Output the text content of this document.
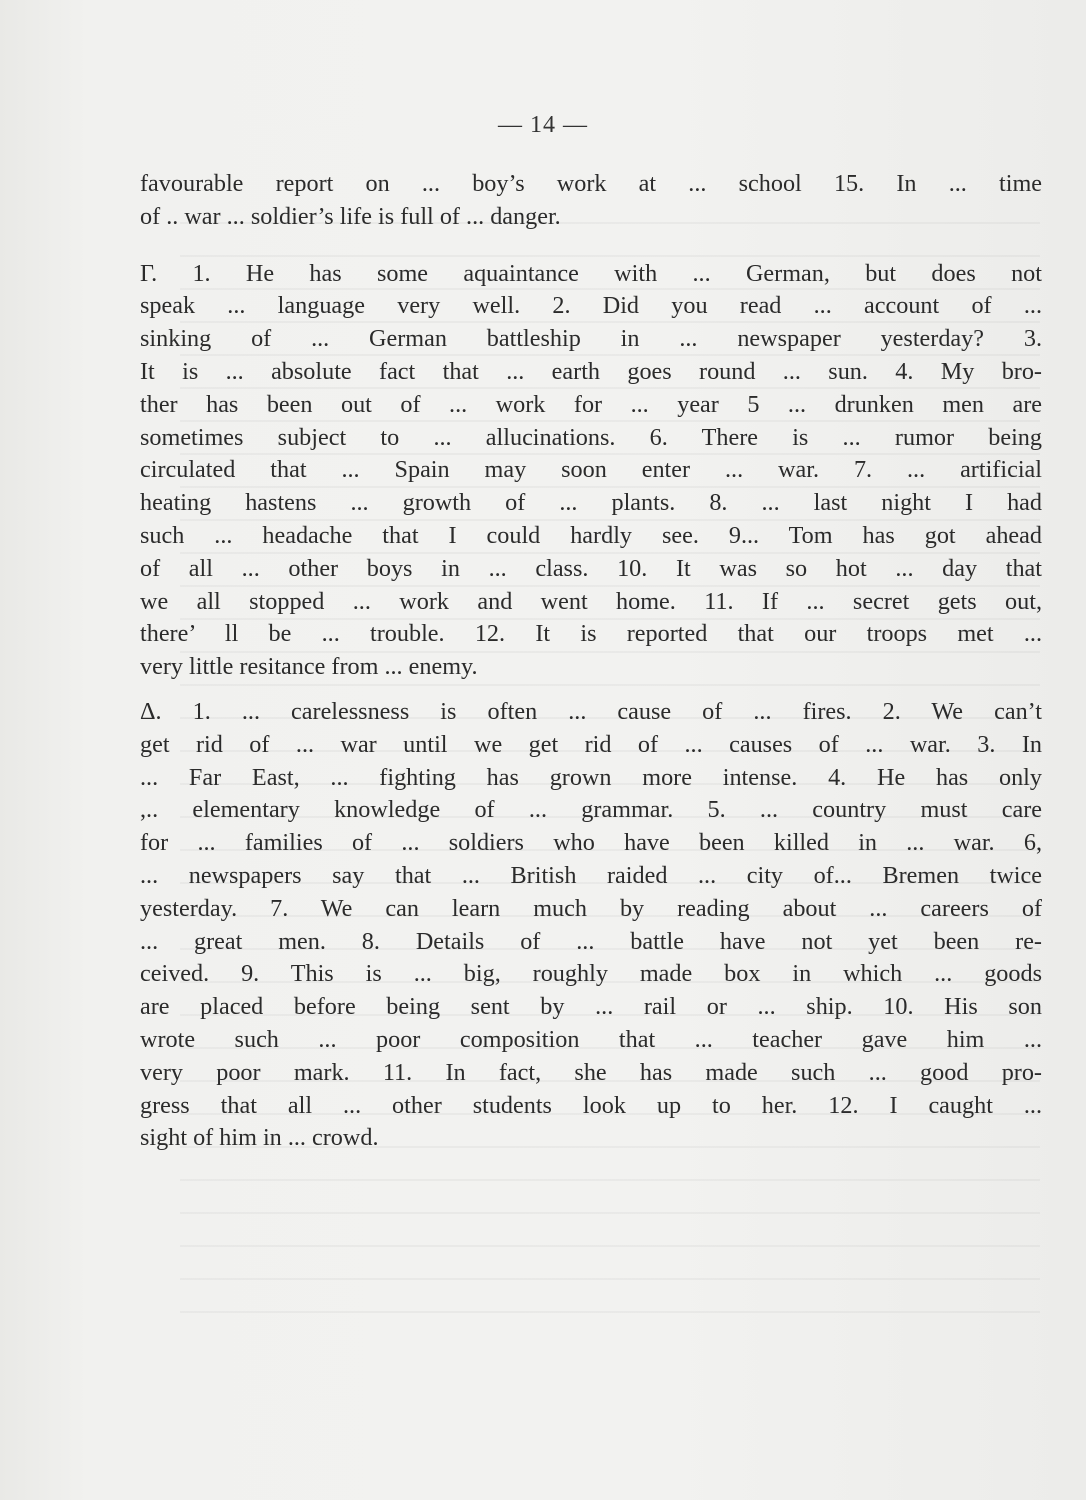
— 14 —
favourable report on ... boy’s work at ... school 15. In ... time
of .. war ... soldier’s life is full of ... danger.
Γ. 1. He has some aquaintance with ... German, but does not
speak ... language very well. 2. Did you read ... account of ...
sinking of ... German battleship in ... newspaper yesterday? 3.
It is ... absolute fact that ... earth goes round ... sun. 4. My bro-
ther has been out of ... work for ... year 5 ... drunken men are
sometimes subject to ... allucinations. 6. There is ... rumor being
circulated that ... Spain may soon enter ... war. 7. ... artificial
heating hastens ... growth of ... plants. 8. ... last night I had
such ... headache that I could hardly see. 9... Tom has got ahead
of all ... other boys in ... class. 10. It was so hot ... day that
we all stopped ... work and went home. 11. If ... secret gets out,
there’ ll be ... trouble. 12. It is reported that our troops met ...
very little resitance from ... enemy.
Δ. 1. ... carelessness is often ... cause of ... fires. 2. We can’t
get rid of ... war until we get rid of ... causes of ... war. 3. In
... Far East, ... fighting has grown more intense. 4. He has only
,.. elementary knowledge of ... grammar. 5. ... country must care
for ... families of ... soldiers who have been killed in ... war. 6,
... newspapers say that ... British raided ... city of... Bremen twice
yesterday. 7. We can learn much by reading about ... careers of
... great men. 8. Details of ... battle have not yet been re-
ceived. 9. This is ... big, roughly made box in which ... goods
are placed before being sent by ... rail or ... ship. 10. His son
wrote such ... poor composition that ... teacher gave him ...
very poor mark. 11. In fact, she has made such ... good pro-
gress that all ... other students look up to her. 12. I caught ...
sight of him in ... crowd.
